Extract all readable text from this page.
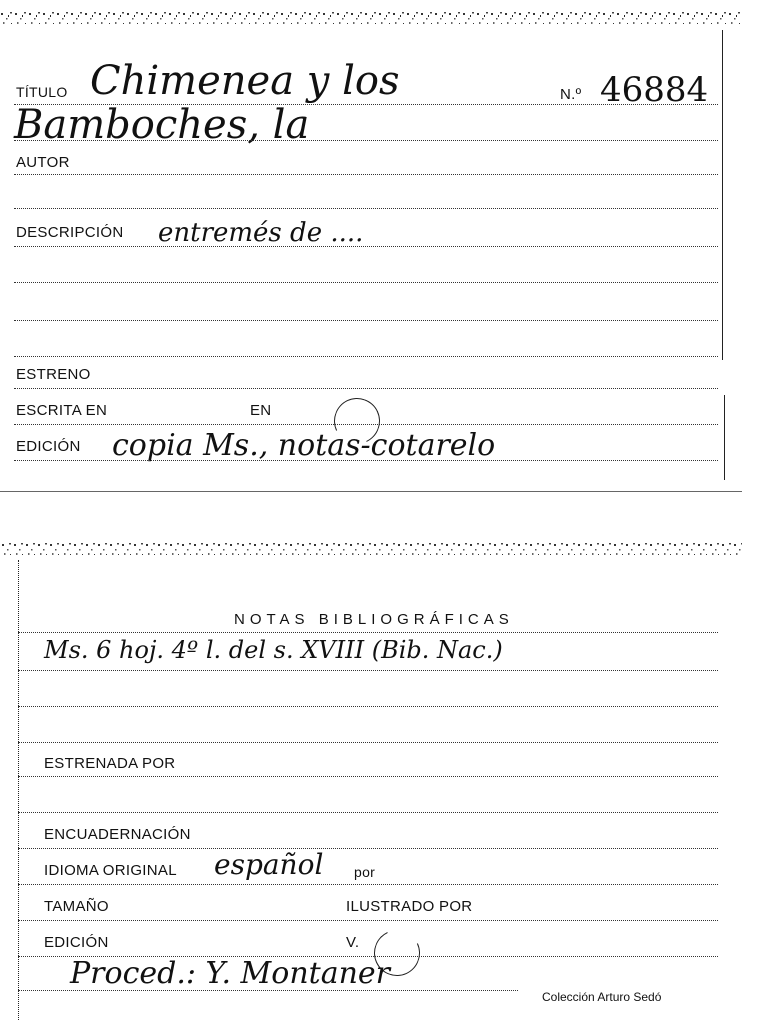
TÍTULO Chimenea y los	N.º 46884
Bamboches, la
AUTOR
DESCRIPCIÓN entremés de ....
ESTRENO
ESCRITA EN	EN
EDICIÓN copia Ms., notas-cotarelo
NOTAS BIBLIOGRÁFICAS
Ms. 6 hoj. 4º l. del s. XVIII (Bib. Nac.)
ESTRENADA POR
ENCUADERNACIÓN
IDIOMA ORIGINAL español por
TAMAÑO	ILUSTRADO POR
EDICIÓN	V.
Proced.: Y. Montaner
Colección Arturo Sedó
